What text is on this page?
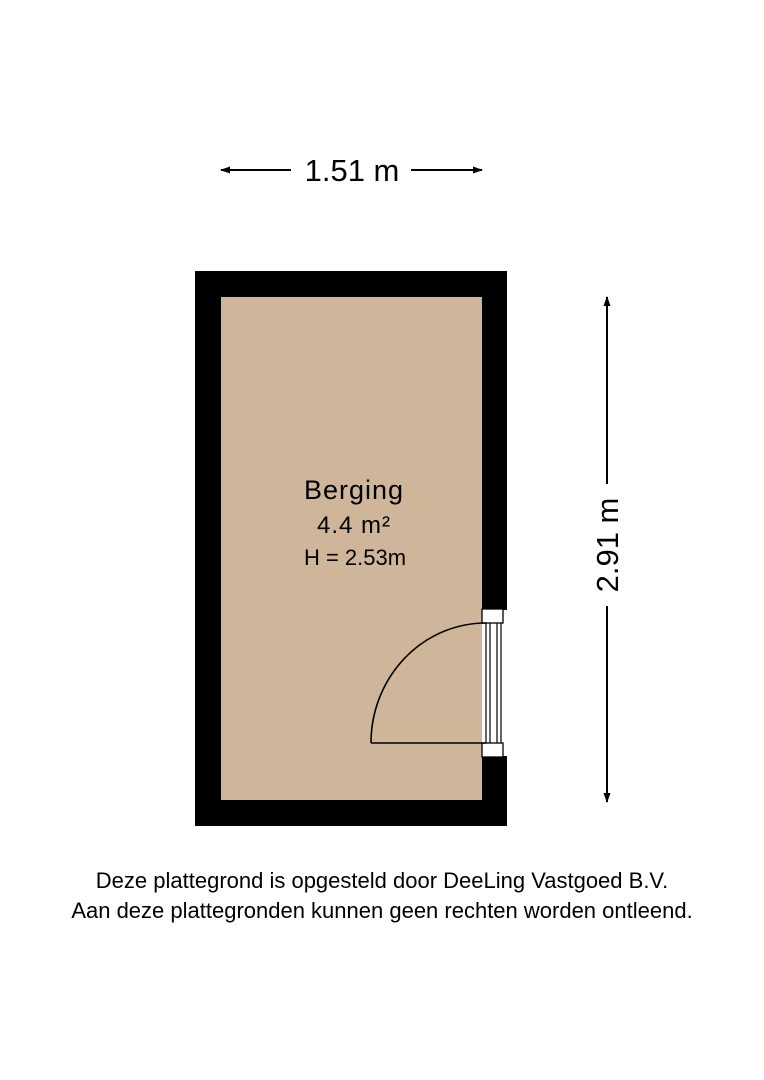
1.51 m
2.91 m
Berging
4.4 m²
H = 2.53m
Deze plattegrond is opgesteld door DeeLing Vastgoed B.V.
Aan deze plattegronden kunnen geen rechten worden ontleend.
